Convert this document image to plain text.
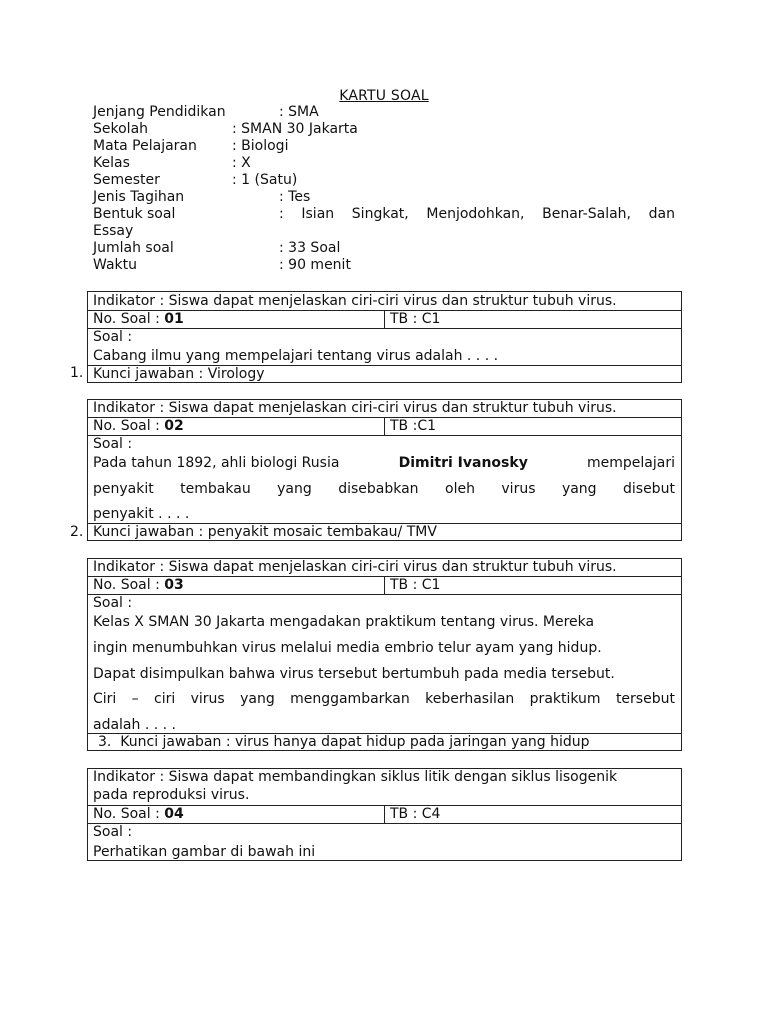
KARTU SOAL
Jenjang Pendidikan	: SMA
Sekolah	: SMAN 30 Jakarta
Mata Pelajaran	: Biologi
Kelas	: X
Semester	: 1 (Satu)
Jenis Tagihan	: Tes
Bentuk soal	: Isian Singkat, Menjodohkan, Benar-Salah, dan
Essay
Jumlah soal	: 33 Soal
Waktu	: 90 menit
Indikator : Siswa dapat menjelaskan ciri-ciri virus dan struktur tubuh virus.
No. Soal : 01	TB : C1
Soal :
Cabang ilmu yang mempelajari tentang virus adalah . . . .
Kunci jawaban : Virology
1.
Indikator : Siswa dapat menjelaskan ciri-ciri virus dan struktur tubuh virus.
No. Soal : 02	TB :C1
Soal :
Pada tahun 1892, ahli biologi Rusia	Dimitri Ivanosky	mempelajari
penyakit tembakau yang disebabkan oleh virus yang disebut
penyakit . . . .
Kunci jawaban : penyakit mosaic tembakau/ TMV
2.
Indikator : Siswa dapat menjelaskan ciri-ciri virus dan struktur tubuh virus.
No. Soal : 03	TB : C1
Soal :
Kelas X SMAN 30 Jakarta mengadakan praktikum tentang virus. Mereka
ingin menumbuhkan virus melalui media embrio telur ayam yang hidup.
Dapat disimpulkan bahwa virus tersebut bertumbuh pada media tersebut.
Ciri – ciri virus yang menggambarkan keberhasilan praktikum tersebut
adalah . . . .
3. Kunci jawaban : virus hanya dapat hidup pada jaringan yang hidup
Indikator : Siswa dapat membandingkan siklus litik dengan siklus lisogenik
pada reproduksi virus.
No. Soal : 04	TB : C4
Soal :
Perhatikan gambar di bawah ini
